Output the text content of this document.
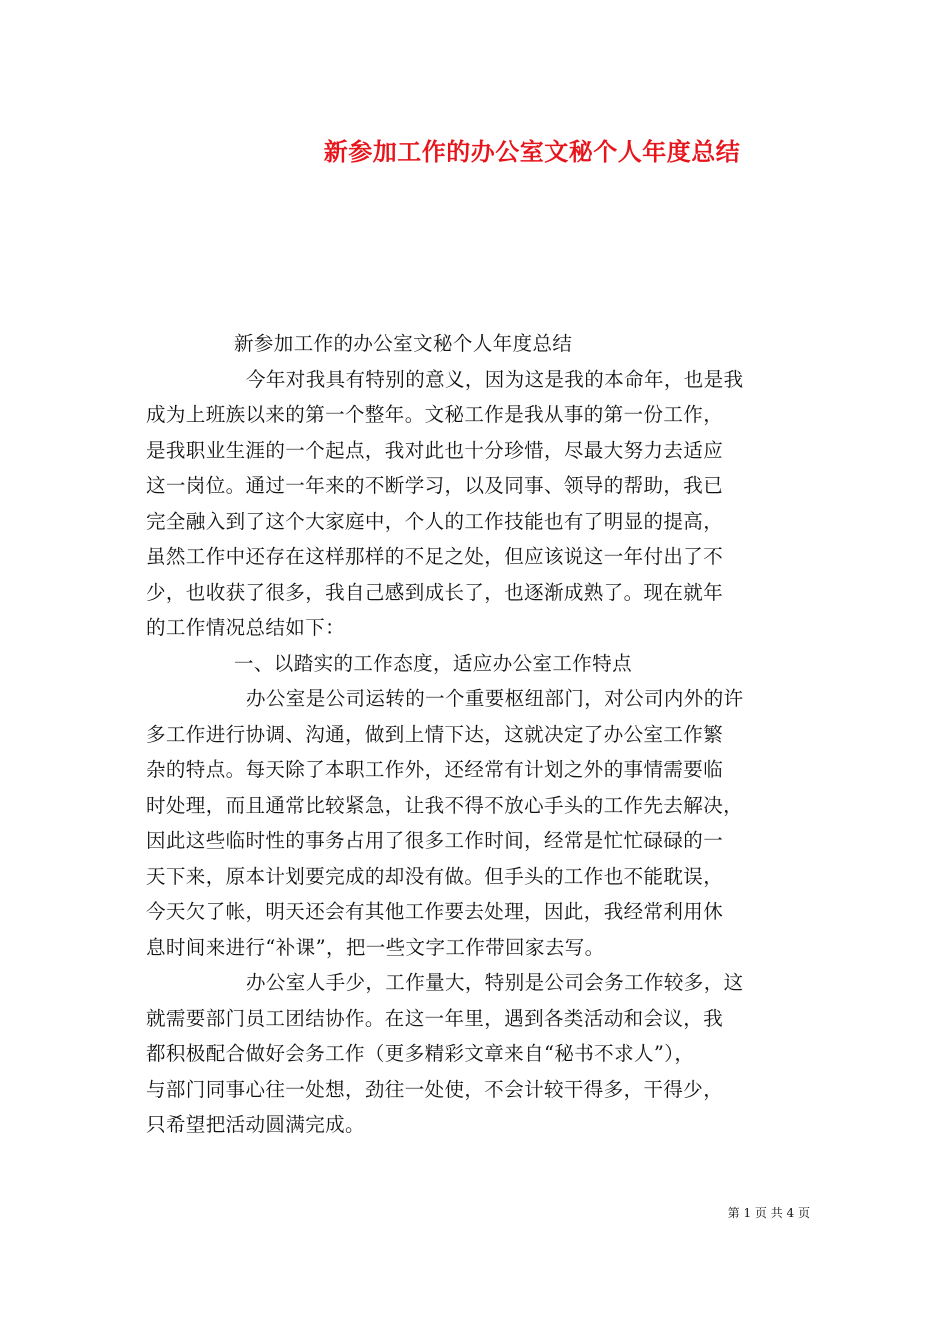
新参加工作的办公室文秘个人年度总结
新参加工作的办公室文秘个人年度总结
今年对我具有特别的意义，因为这是我的本命年，也是我
成为上班族以来的第一个整年。文秘工作是我从事的第一份工作，
是我职业生涯的一个起点，我对此也十分珍惜，尽最大努力去适应
这一岗位。通过一年来的不断学习，以及同事、领导的帮助，我已
完全融入到了这个大家庭中，个人的工作技能也有了明显的提高，
虽然工作中还存在这样那样的不足之处，但应该说这一年付出了不
少，也收获了很多，我自己感到成长了，也逐渐成熟了。现在就年
的工作情况总结如下：
一、以踏实的工作态度，适应办公室工作特点
办公室是公司运转的一个重要枢纽部门，对公司内外的许
多工作进行协调、沟通，做到上情下达，这就决定了办公室工作繁
杂的特点。每天除了本职工作外，还经常有计划之外的事情需要临
时处理，而且通常比较紧急，让我不得不放心手头的工作先去解决，
因此这些临时性的事务占用了很多工作时间，经常是忙忙碌碌的一
天下来，原本计划要完成的却没有做。但手头的工作也不能耽误，
今天欠了帐，明天还会有其他工作要去处理，因此，我经常利用休
息时间来进行“补课”，把一些文字工作带回家去写。
办公室人手少，工作量大，特别是公司会务工作较多，这
就需要部门员工团结协作。在这一年里，遇到各类活动和会议，我
都积极配合做好会务工作（更多精彩文章来自“秘书不求人”），
与部门同事心往一处想，劲往一处使，不会计较干得多，干得少，
只希望把活动圆满完成。
第 1 页 共 4 页
